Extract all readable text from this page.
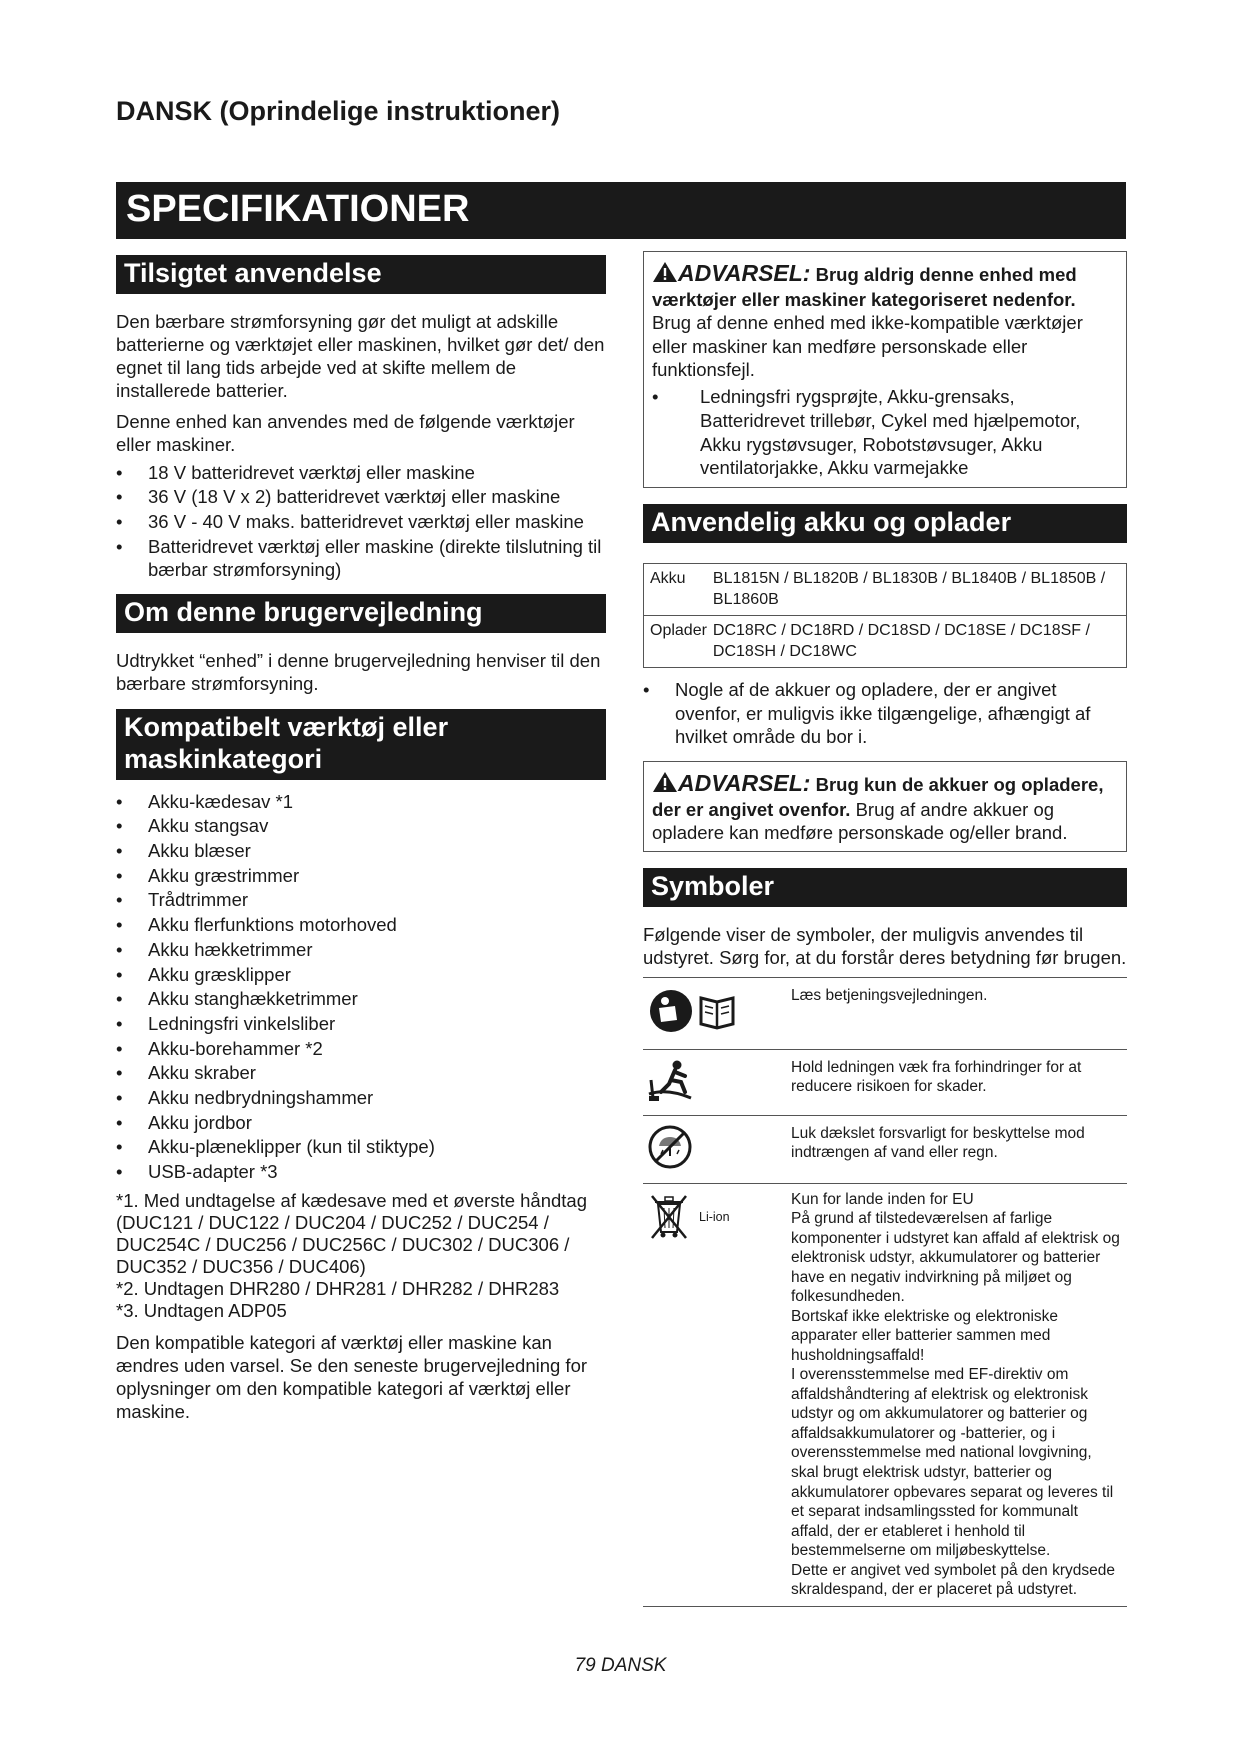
DANSK (Oprindelige instruktioner)
SPECIFIKATIONER
Tilsigtet anvendelse

Den bærbare strømforsyning gør det muligt at adskille batterierne og værktøjet eller maskinen, hvilket gør det/ den egnet til lang tids arbejde ved at skifte mellem de installerede batterier.

Denne enhed kan anvendes med de følgende værktøjer eller maskiner.

• 18 V batteridrevet værktøj eller maskine
• 36 V (18 V x 2) batteridrevet værktøj eller maskine
• 36 V - 40 V maks. batteridrevet værktøj eller maskine
• Batteridrevet værktøj eller maskine (direkte tilslutning til bærbar strømforsyning)
Om denne brugervejledning

Udtrykket “enhed” i denne brugervejledning henviser til den bærbare strømforsyning.

Kompatibelt værktøj eller maskinkategori
• Akku-kædesav *1
• Akku stangsav
• Akku blæser
• Akku græstrimmer
• Trådtrimmer
• Akku flerfunktions motorhoved
• Akku hækketrimmer
• Akku græsklipper
• Akku stanghækketrimmer
• Ledningsfri vinkelsliber
• Akku-borehammer *2
• Akku skraber
• Akku nedbrydningshammer
• Akku jordbor
• Akku-plæneklipper (kun til stiktype)
• USB-adapter *3

*1. Med undtagelse af kædesave med et øverste håndtag (DUC121 / DUC122 / DUC204 / DUC252 / DUC254 / DUC254C / DUC256 / DUC256C / DUC302 / DUC306 / DUC352 / DUC356 / DUC406)

*2. Undtagen DHR280 / DHR281 / DHR282 / DHR283

*3. Undtagen ADP05

Den kompatible kategori af værktøj eller maskine kan ændres uden varsel. Se den seneste brugervejledning for oplysninger om den kompatible kategori af værktøj eller maskine.

ADVARSEL: Brug aldrig denne enhed med værktøjer eller maskiner kategoriseret nedenfor. Brug af denne enhed med ikke-kompatible værktøjer eller maskiner kan medføre personskade eller funktionsfejl.
• Ledningsfri rygsprøjte, Akku-grensaks, Batteridrevet trillebør, Cykel med hjælpemotor, Akku rygstøvsuger, Robotstøvsuger, Akku ventilatorjakke, Akku varmejakke
Anvendelig akku og oplader
Akku	BL1815N / BL1820B / BL1830B / BL1840B / BL1850B / BL1860B
Oplader	DC18RC / DC18RD / DC18SD / DC18SE / DC18SF / DC18SH / DC18WC
• Nogle af de akkuer og opladere, der er angivet ovenfor, er muligvis ikke tilgængelige, afhængigt af hvilket område du bor i.
ADVARSEL: Brug kun de akkuer og opladere, der er angivet ovenfor. Brug af andre akkuer og opladere kan medføre personskade og/eller brand.
Symboler

Følgende viser de symboler, der muligvis anvendes til udstyret. Sørg for, at du forstår deres betydning før brugen.

	Læs betjeningsvejledningen.
	Hold ledningen væk fra forhindringer for at reducere risikoen for skader.
	Luk dækslet forsvarligt for beskyttelse mod indtrængen af vand eller regn.

Li-ion	Kun for lande inden for EU
På grund af tilstedeværelsen af farlige komponenter i udstyret kan affald af elektrisk og elektronisk udstyr, akkumulatorer og batterier have en negativ indvirkning på miljøet og folkesundheden.
Bortskaf ikke elektriske og elektroniske apparater eller batterier sammen med husholdningsaffald!
I overensstemmelse med EF-direktiv om affaldshåndtering af elektrisk og elektronisk udstyr og om akkumulatorer og batterier og affaldsakkumulatorer og -batterier, og i overensstemmelse med national lovgivning, skal brugt elektrisk udstyr, batterier og akkumulatorer opbevares separat og leveres til et separat indsamlingssted for kommunalt affald, der er etableret i henhold til bestemmelserne om miljøbeskyttelse.
Dette er angivet ved symbolet på den krydsede skraldespand, der er placeret på udstyret.
79 DANSK
